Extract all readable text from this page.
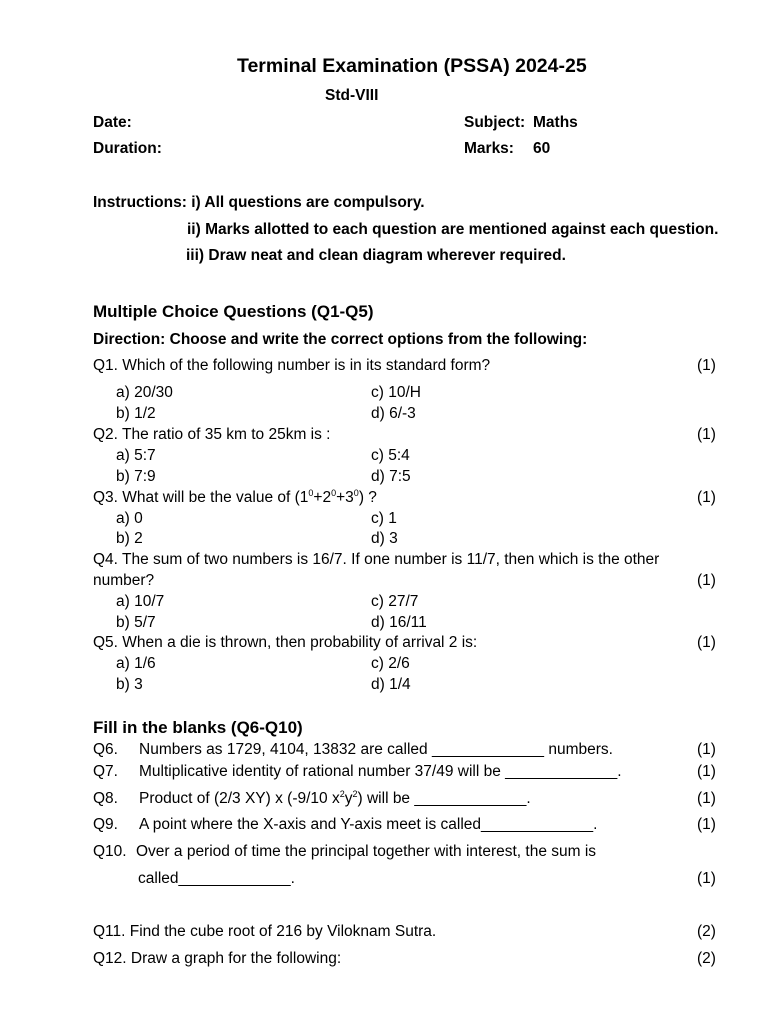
Terminal Examination (PSSA) 2024-25
Std-VIII
Date:
Duration:
Subject: Maths
Marks: 60
Instructions: i) All questions are compulsory.
ii) Marks allotted to each question are mentioned against each question.
iii) Draw neat and clean diagram wherever required.
Multiple Choice Questions (Q1-Q5)
Direction: Choose and write the correct options from the following:
Q1. Which of the following number is in its standard form?	(1)
a) 20/30	c) 10/H
b) 1/2	d) 6/-3
Q2. The ratio of 35 km to 25km is :	(1)
a) 5:7	c) 5:4
b) 7:9	d) 7:5
Q3. What will be the value of $(1^0+2^0+3^0)$ ?	(1)
a) 0	c) 1
b) 2	d) 3
Q4. The sum of two numbers is 16/7. If one number is 11/7, then which is the other
number?	(1)
a) 10/7	c) 27/7
b) 5/7	d) 16/11
Q5. When a die is thrown, then probability of arrival 2 is:	(1)
a) 1/6	c) 2/6
b) 3	d) 1/4
Fill in the blanks (Q6-Q10)
Q6. Numbers as 1729, 4104, 13832 are called _____________ numbers.	(1)
Q7. Multiplicative identity of rational number 37/49 will be _____________.	(1)
Q8. Product of (2/3 XY) x (-9/10 $x^2y^2$) will be _____________.	(1)
Q9. A point where the X-axis and Y-axis meet is called_____________.	(1)
Q10. Over a period of time the principal together with interest, the sum is
called_____________.	(1)
Q11. Find the cube root of 216 by Viloknam Sutra.	(2)
Q12. Draw a graph for the following:	(2)
